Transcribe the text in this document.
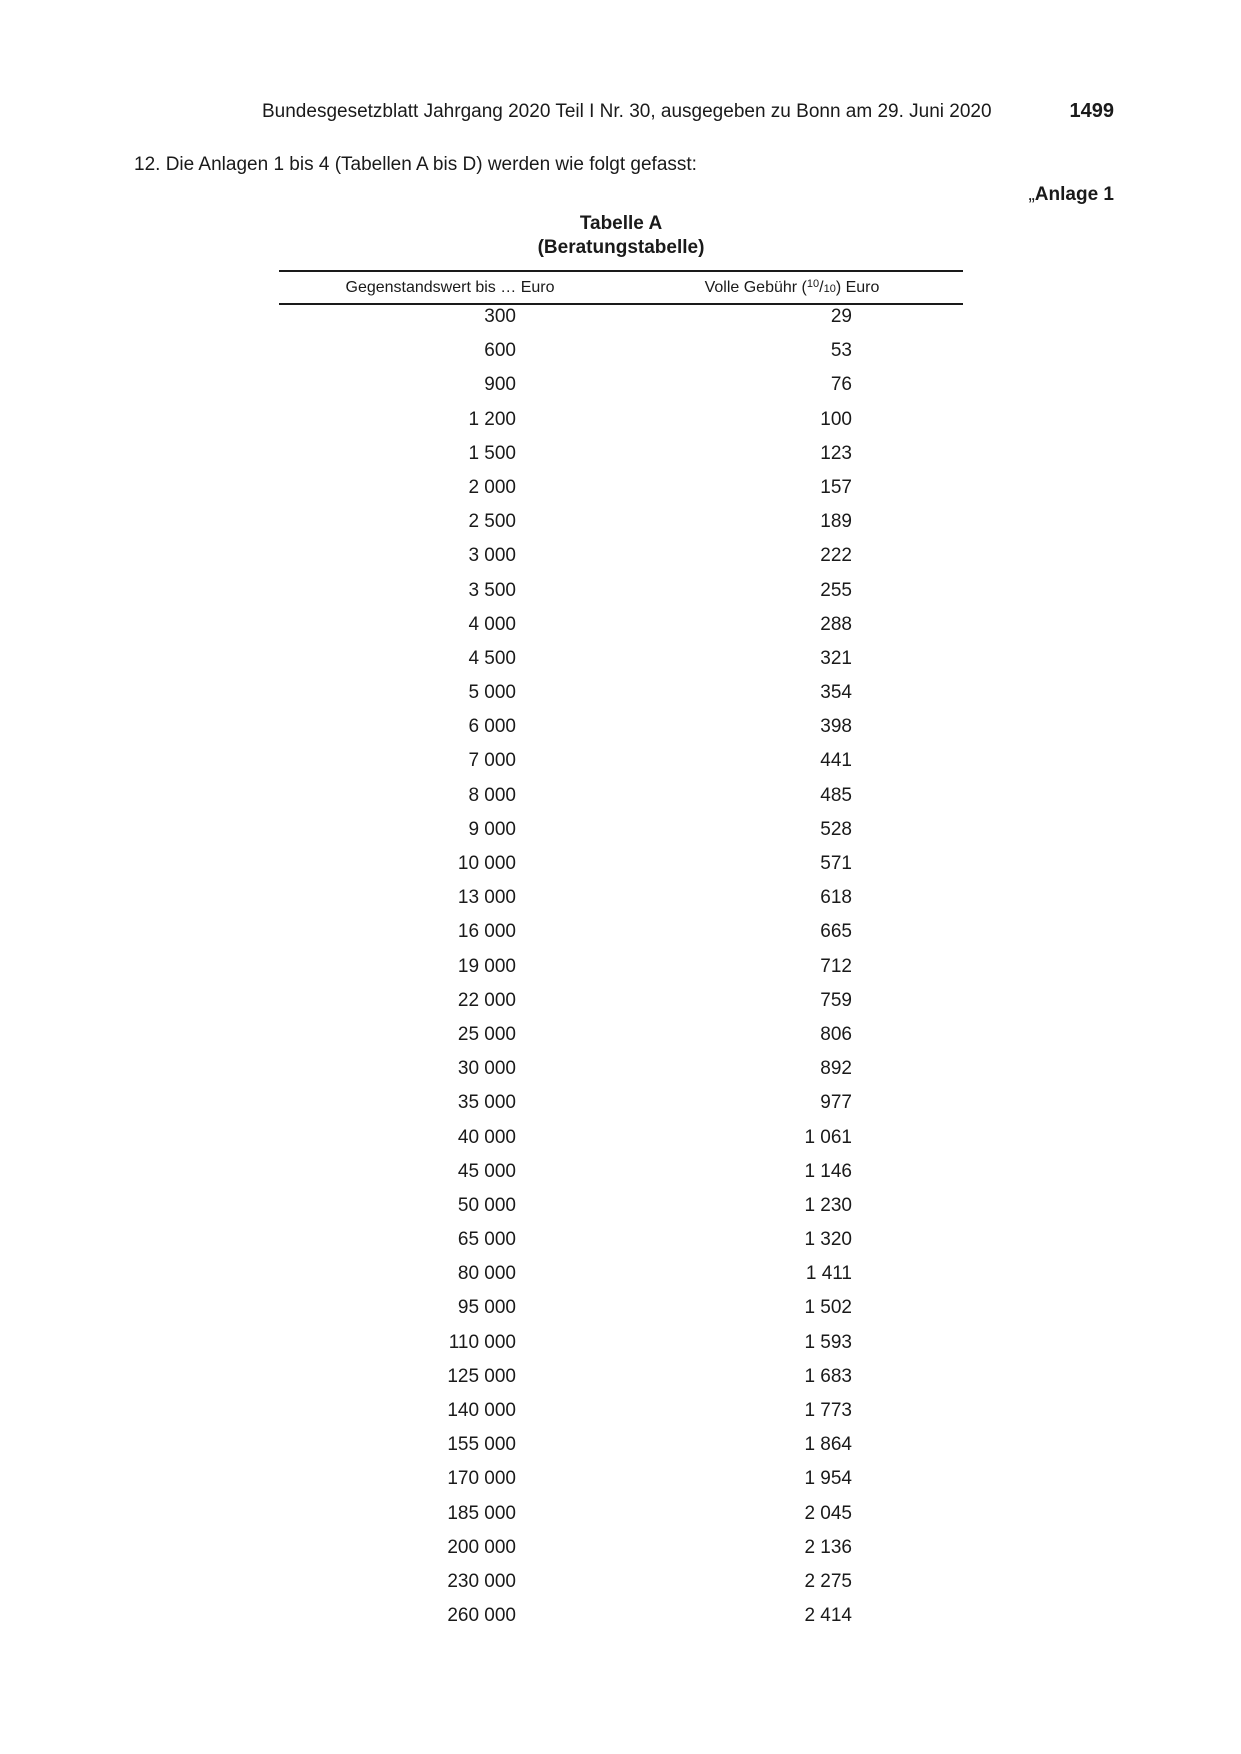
Bundesgesetzblatt Jahrgang 2020 Teil I Nr. 30, ausgegeben zu Bonn am 29. Juni 2020	1499
12. Die Anlagen 1 bis 4 (Tabellen A bis D) werden wie folgt gefasst:
„Anlage 1
Tabelle A
(Beratungstabelle)
Gegenstandswert bis … Euro	Volle Gebühr ($^{10}$/10) Euro
300	29
600	53
900	76
1 200	100
1 500	123
2 000	157
2 500	189
3 000	222
3 500	255
4 000	288
4 500	321
5 000	354
6 000	398
7 000	441
8 000	485
9 000	528
10 000	571
13 000	618
16 000	665
19 000	712
22 000	759
25 000	806
30 000	892
35 000	977
40 000	1 061
45 000	1 146
50 000	1 230
65 000	1 320
80 000	1 411
95 000	1 502
110 000	1 593
125 000	1 683
140 000	1 773
155 000	1 864
170 000	1 954
185 000	2 045
200 000	2 136
230 000	2 275
260 000	2 414
